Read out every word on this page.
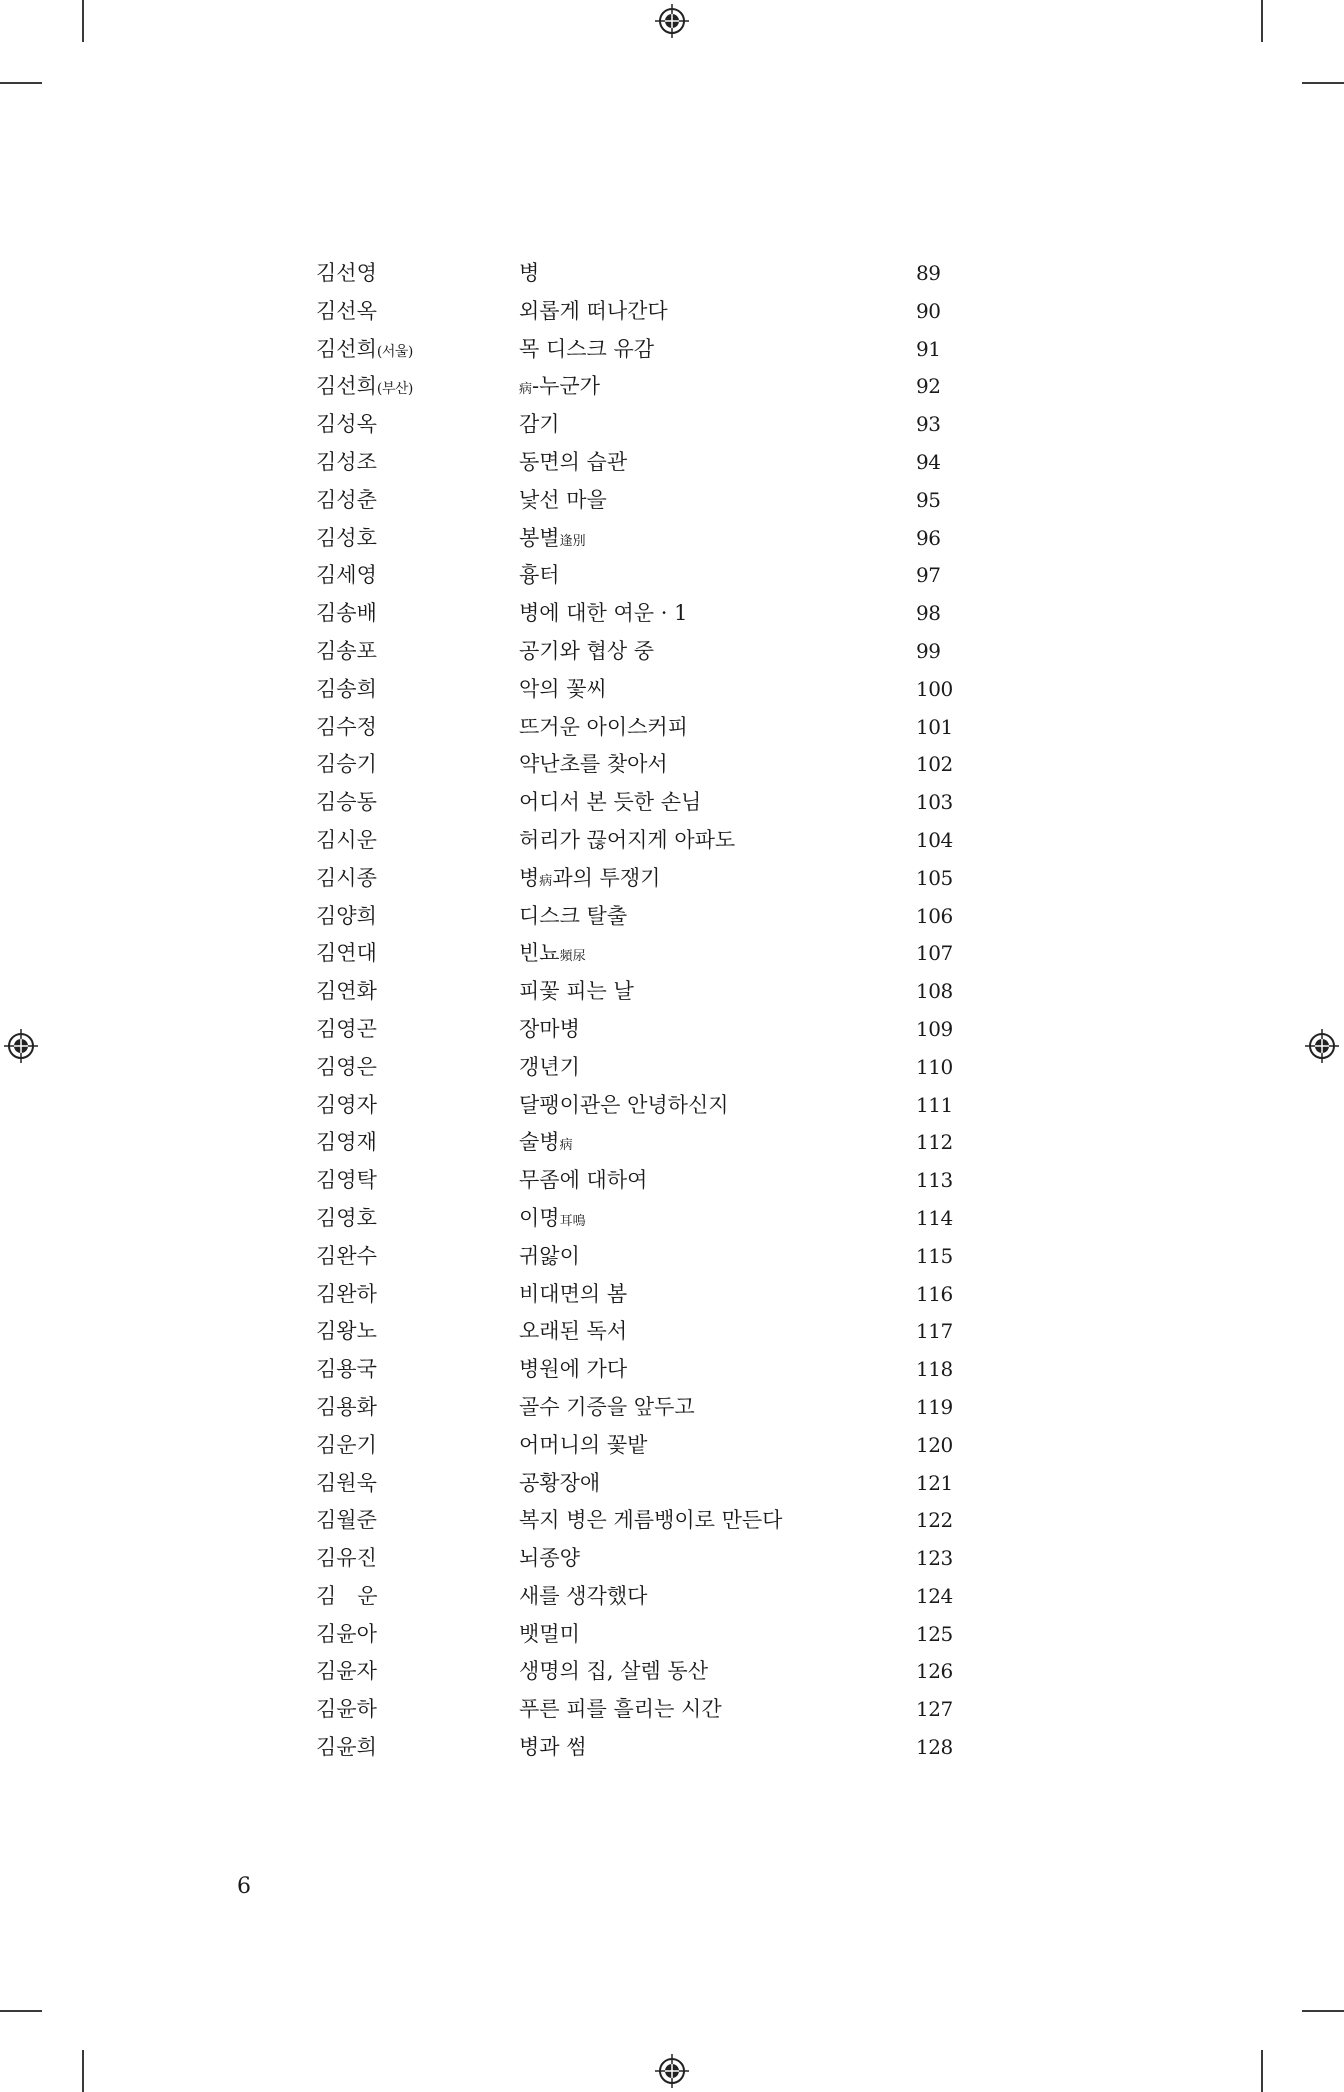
김선영	병	89
김선옥	외롭게 떠나간다	90
김선희(서울)	목 디스크 유감	91
김선희(부산)	病-누군가	92
김성옥	감기	93
김성조	동면의 습관	94
김성춘	낯선 마을	95
김성호	봉별逢別	96
김세영	흉터	97
김송배	병에 대한 여운 · 1	98
김송포	공기와 협상 중	99
김송희	악의 꽃씨	100
김수정	뜨거운 아이스커피	101
김승기	약난초를 찾아서	102
김승동	어디서 본 듯한 손님	103
김시운	허리가 끊어지게 아파도	104
김시종	병病과의 투쟁기	105
김양희	디스크 탈출	106
김연대	빈뇨頻尿	107
김연화	피꽃 피는 날	108
김영곤	장마병	109
김영은	갱년기	110
김영자	달팽이관은 안녕하신지	111
김영재	술병病	112
김영탁	무좀에 대하여	113
김영호	이명耳鳴	114
김완수	귀앓이	115
김완하	비대면의 봄	116
김왕노	오래된 독서	117
김용국	병원에 가다	118
김용화	골수 기증을 앞두고	119
김운기	어머니의 꽃밭	120
김원욱	공황장애	121
김월준	복지 병은 게름뱅이로 만든다	122
김유진	뇌종양	123
김　운	새를 생각했다	124
김윤아	뱃멀미	125
김윤자	생명의 집, 살렘 동산	126
김윤하	푸른 피를 흘리는 시간	127
김윤희	병과 썸	128
6
